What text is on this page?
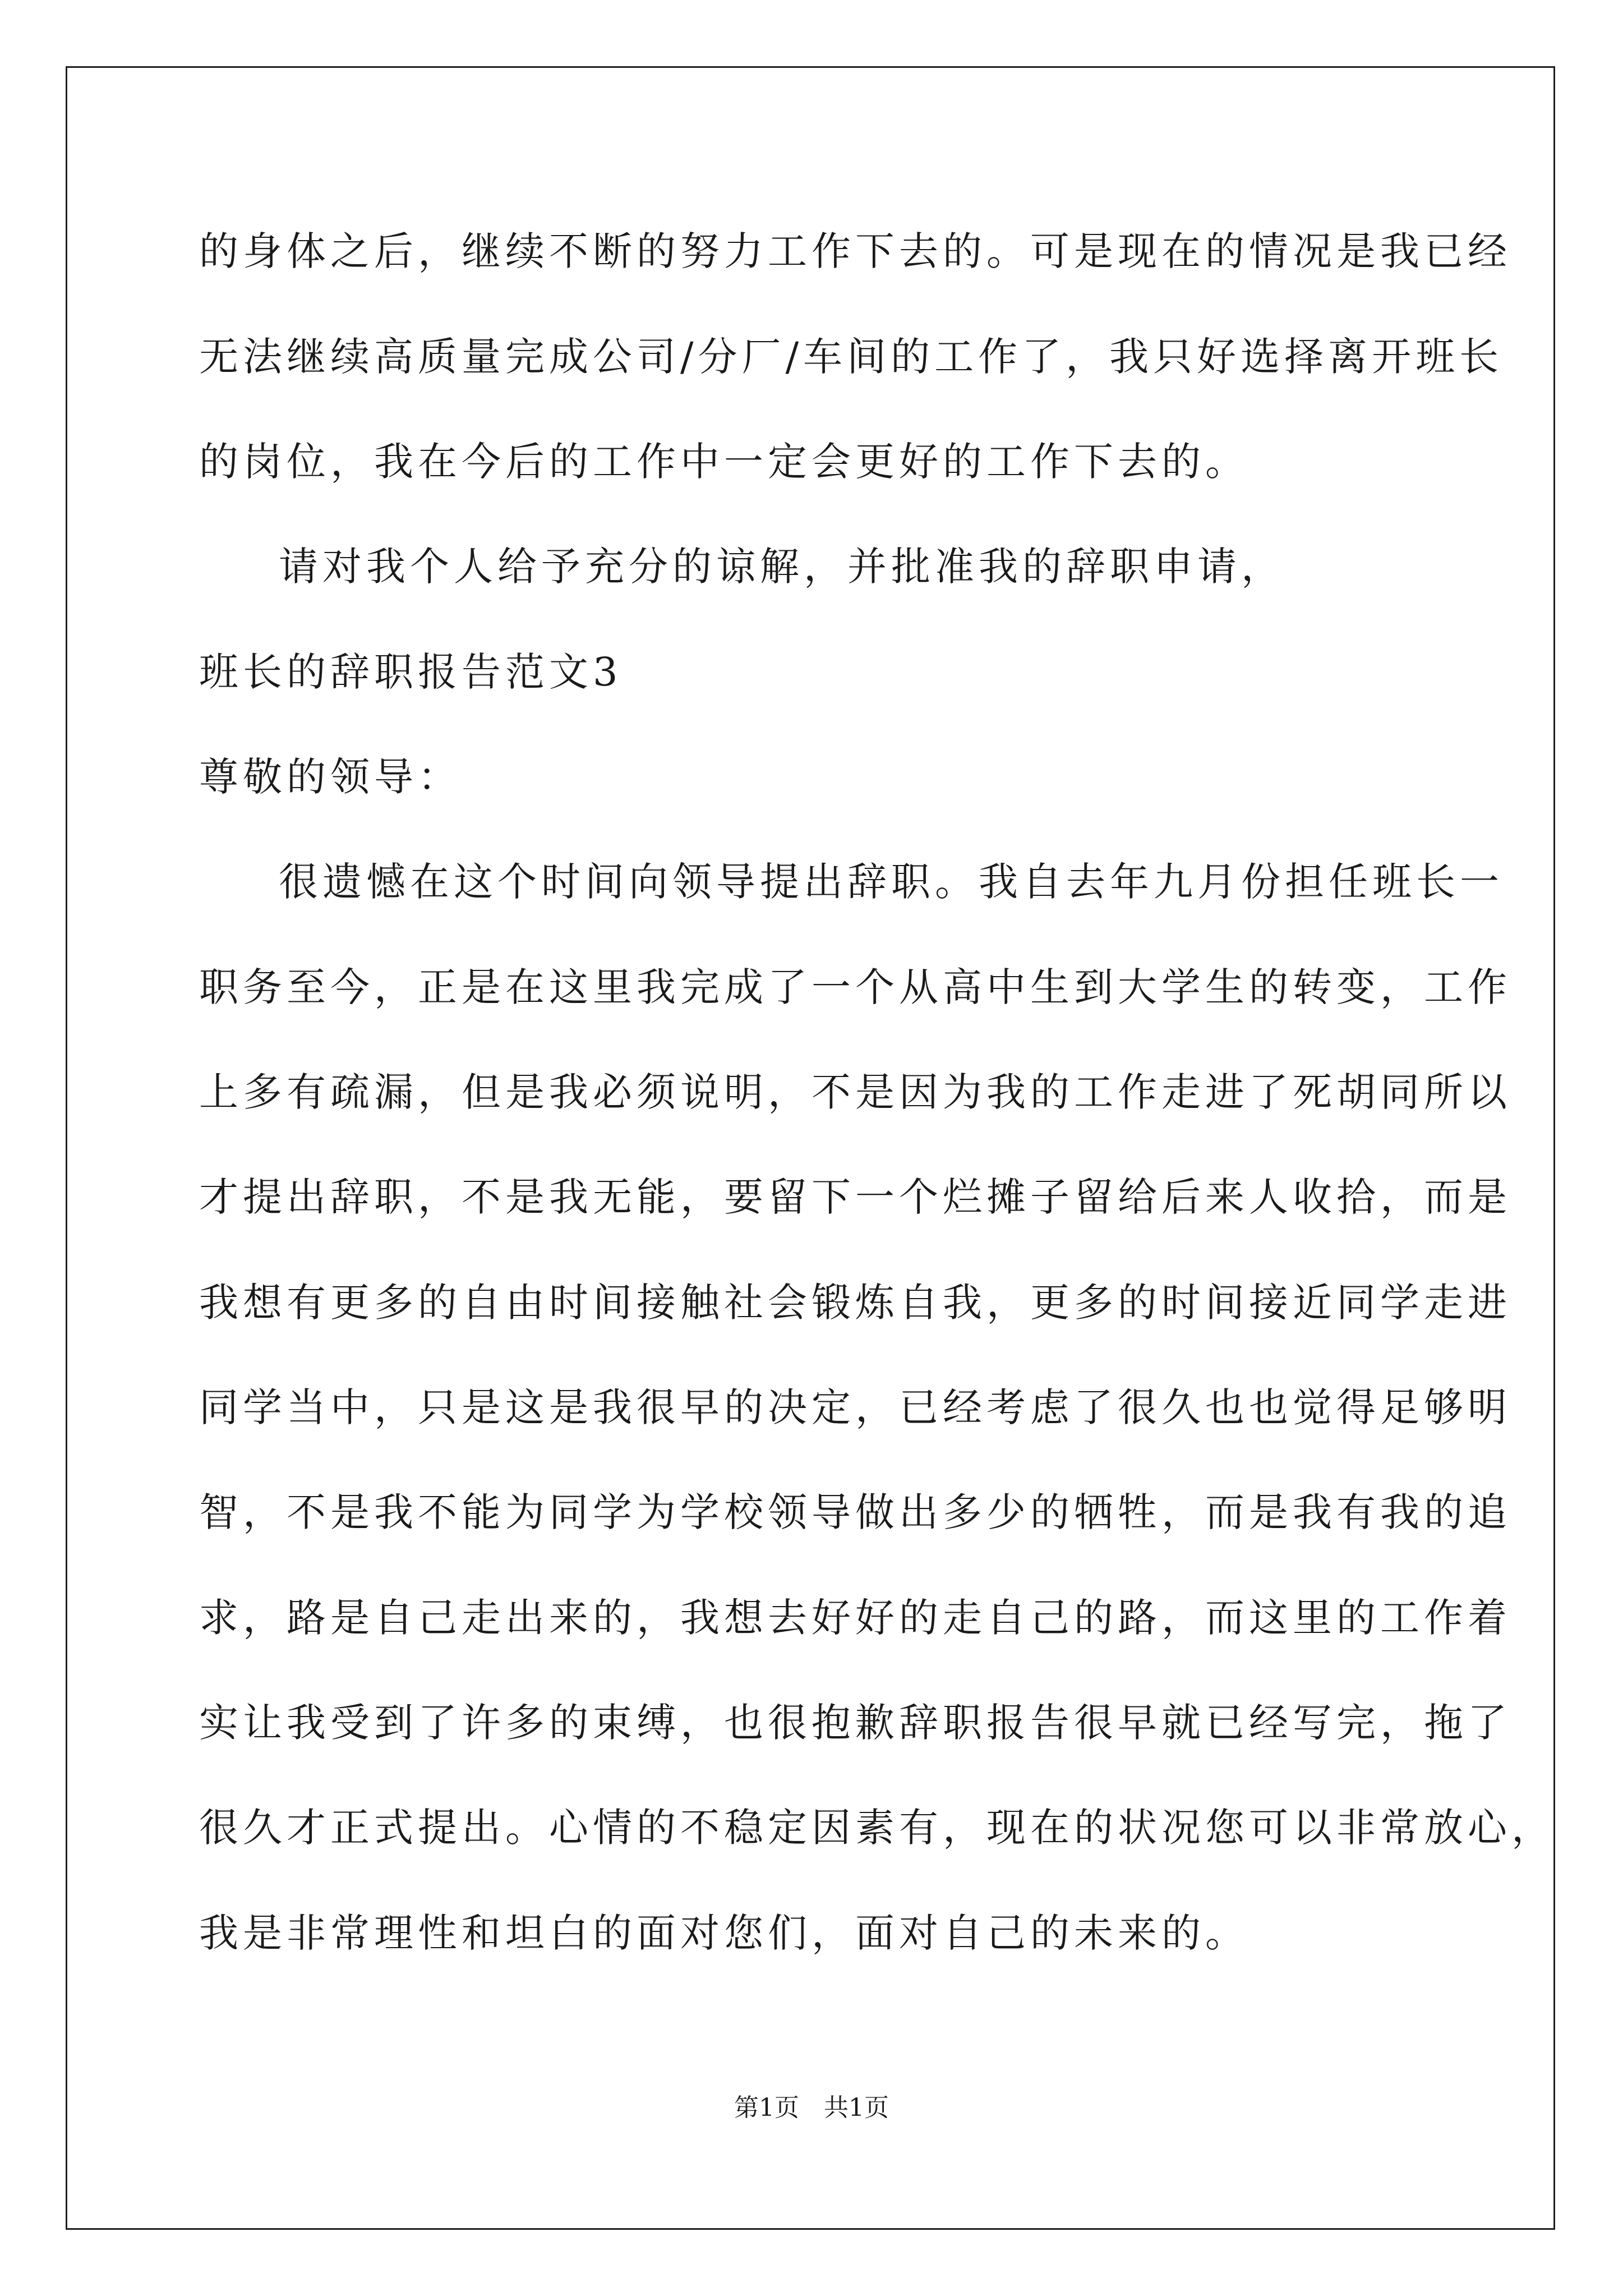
的身体之后，继续不断的努力工作下去的。可是现在的情况是我已经

无法继续高质量完成公司/分厂/车间的工作了，我只好选择离开班长

的岗位，我在今后的工作中一定会更好的工作下去的。

请对我个人给予充分的谅解，并批准我的辞职申请，

班长的辞职报告范文3

尊敬的领导：

很遗憾在这个时间向领导提出辞职。我自去年九月份担任班长一

职务至今，正是在这里我完成了一个从高中生到大学生的转变，工作

上多有疏漏，但是我必须说明，不是因为我的工作走进了死胡同所以

才提出辞职，不是我无能，要留下一个烂摊子留给后来人收拾，而是

我想有更多的自由时间接触社会锻炼自我，更多的时间接近同学走进

同学当中，只是这是我很早的决定，已经考虑了很久也也觉得足够明

智，不是我不能为同学为学校领导做出多少的牺牲，而是我有我的追

求，路是自己走出来的，我想去好好的走自己的路，而这里的工作着

实让我受到了许多的束缚，也很抱歉辞职报告很早就已经写完，拖了

很久才正式提出。心情的不稳定因素有，现在的状况您可以非常放心，

我是非常理性和坦白的面对您们，面对自己的未来的。

第1页　共1页
